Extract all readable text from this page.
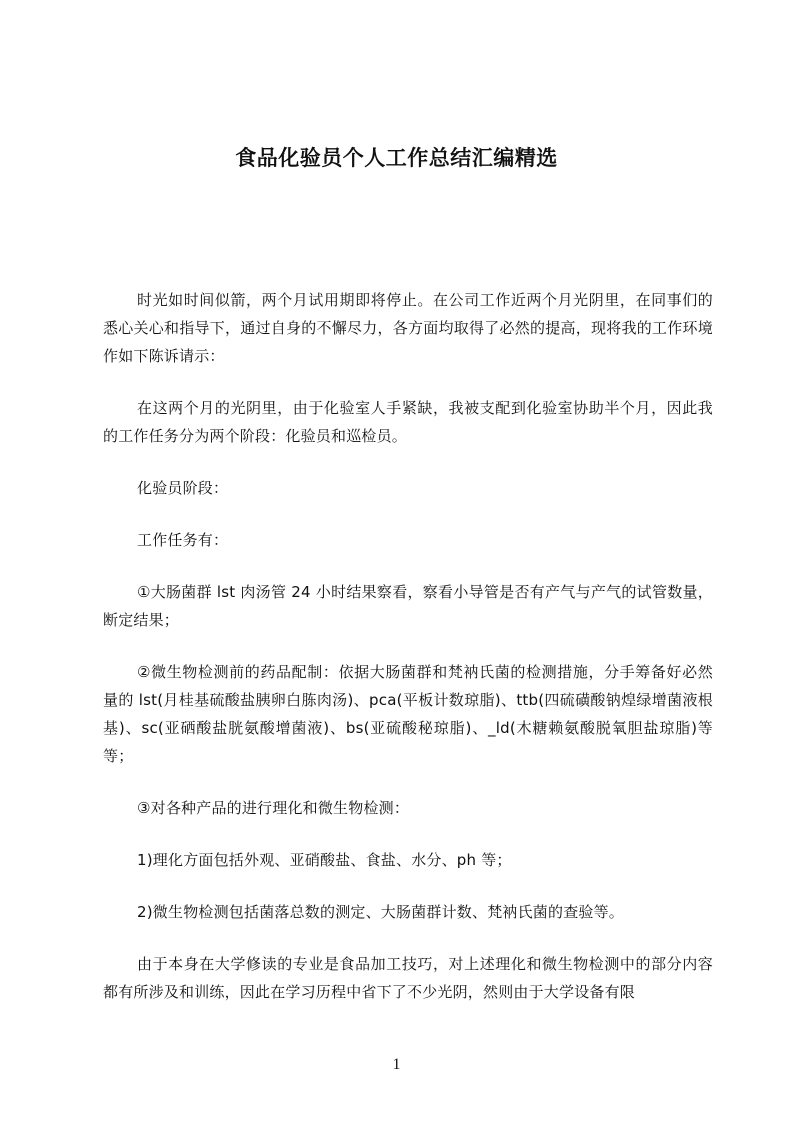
食品化验员个人工作总结汇编精选

时光如时间似箭，两个月试用期即将停止。在公司工作近两个月光阴里，在同事们的悉心关心和指导下，通过自身的不懈尽力，各方面均取得了必然的提高，现将我的工作环境作如下陈诉请示：

在这两个月的光阴里，由于化验室人手紧缺，我被支配到化验室协助半个月，因此我的工作任务分为两个阶段：化验员和巡检员。

化验员阶段：

工作任务有：

①大肠菌群 lst 肉汤管 24 小时结果察看，察看小导管是否有产气与产气的试管数量，断定结果；

②微生物检测前的药品配制：依据大肠菌群和梵衲氏菌的检测措施，分手筹备好必然量的 lst(月桂基硫酸盐胰卵白胨肉汤)、pca(平板计数琼脂)、ttb(四硫磺酸钠煌绿增菌液根基)、sc(亚硒酸盐胱氨酸增菌液)、bs(亚硫酸秘琼脂)、_ld(木糖赖氨酸脱氧胆盐琼脂)等等；

③对各种产品的进行理化和微生物检测：

1)理化方面包括外观、亚硝酸盐、食盐、水分、ph 等；

2)微生物检测包括菌落总数的测定、大肠菌群计数、梵衲氏菌的查验等。

由于本身在大学修读的专业是食品加工技巧，对上述理化和微生物检测中的部分内容都有所涉及和训练，因此在学习历程中省下了不少光阴，然则由于大学设备有限

1
